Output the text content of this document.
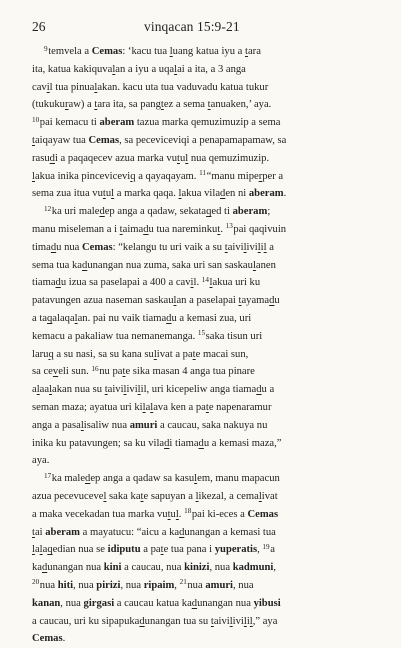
26	vinqacan 15:9-21

$^9$temvela a Cemas: ‘kacu tua luang katua iyu a tara
ita, katua kakiquvalan a iyu a uqalai a ita, a 3 anga
cavil tua pinualakan. kacu uta tua vaduvadu katua tukur
(tukukuraw) a tara ita, sa pangtez a sema tanuaken,’ aya.
$^{10}$pai kemacu ti aberam tazua marka qemuzimuzip a sema
taiqayaw tua Cemas, sa peceviceviqi a penapamapamaw, sa
rasudi a paqaqecev azua marka vutul nua qemuzimuzip.
lakua inika pinceviceviq a qayaqayam. $^{11}$“manu miperper a
sema zua itua vutul a marka qaqa. lakua viladen ni aberam.

$^{12}$ka uri maledep anga a qadaw, sekataqed ti aberam;
manu miseleman a i taimadu tua nareminkut. $^{13}$pai qaqivuin
timadu nua Cemas: “kelangu tu uri vaik a su taivilivilil a
sema tua kadunangan nua zuma, saka uri san saskaulanen
tiamadu izua sa paselapai a 400 a cavil. $^{14}$lakua uri ku
patavungen azua naseman saskaulan a paselapai tayamadu
a taqalaqalan. pai nu vaik tiamadu a kemasi zua, uri
kemacu a pakaliaw tua nemanemanga. $^{15}$saka tisun uri
laruq a su nasi, sa su kana sulivat a pate macai sun,
sa ceveli sun. $^{16}$nu pate sika masan 4 anga tua pinare
alaalakan nua su taivilivilil, uri kicepeliw anga tiamadu a
seman maza; ayatua uri kilalava ken a pate napenaramur
anga a pasalisaliw nua amuri a caucau, saka nakuya nu
inika ku patavungen; sa ku viladi tiamadu a kemasi maza,”
aya.

$^{17}$ka maledep anga a qadaw sa kasulem, manu mapacun
azua pecevucevel saka kate sapuyan a likezal, a cemalivat
a maka vecekadan tua marka vutul. $^{18}$pai ki-eces a Cemas
tai aberam a mayatucu: “aicu a kadunangan a kemasi tua
lalaqedian nua se idiputu a pate tua pana i yuperatis, $^{19}$a
kadunangan nua kini a caucau, nua kinizi, nua kadmuni,
$^{20}$nua hiti, nua pirizi, nua ripaim, $^{21}$nua amuri, nua
kanan, nua girgasi a caucau katua kadunangan nua yibusi
a caucau, uri ku sipapukadunangan tua su taivilivilil,” aya
Cemas.
